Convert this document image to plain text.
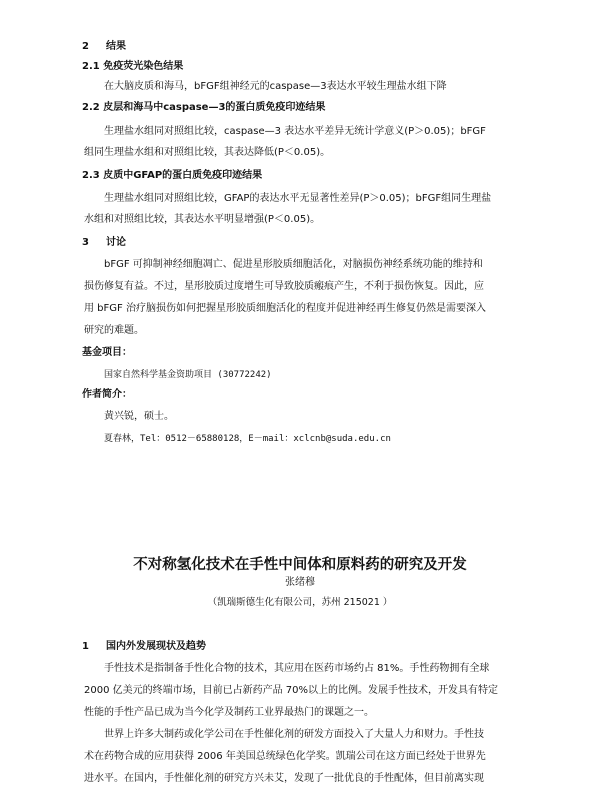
2 结果
2.1 免疫荧光染色结果
在大脑皮质和海马，bFGF组神经元的caspase—3表达水平较生理盐水组下降
2.2 皮层和海马中caspase—3的蛋白质免疫印迹结果
生理盐水组同对照组比较，caspase—3 表达水平差异无统计学意义(P＞0.05)；bFGF
组同生理盐水组和对照组比较，其表达降低(P＜0.05)。
2.3 皮质中GFAP的蛋白质免疫印迹结果
生理盐水组同对照组比较，GFAP的表达水平无显著性差异(P＞0.05)；bFGF组同生理盐
水组和对照组比较，其表达水平明显增强(P＜0.05)。
3 讨论
bFGF 可抑制神经细胞凋亡、促进星形胶质细胞活化，对脑损伤神经系统功能的维持和
损伤修复有益。不过，星形胶质过度增生可导致胶质瘢痕产生，不利于损伤恢复。因此，应
用 bFGF 治疗脑损伤如何把握星形胶质细胞活化的程度并促进神经再生修复仍然是需要深入
研究的难题。
基金项目：
国家自然科学基金资助项目 (30772242)
作者简介：
黄兴锐，硕士。
夏春林，Tel：0512－65880128，E－mail：xclcnb@suda.edu.cn
不对称氢化技术在手性中间体和原料药的研究及开发
张绪穆
（凯瑞斯德生化有限公司，苏州 215021 ）
1 国内外发展现状及趋势
手性技术是指制备手性化合物的技术，其应用在医药市场约占 81%。手性药物拥有全球
2000 亿美元的终端市场，目前已占新药产品 70%以上的比例。发展手性技术，开发具有特定
性能的手性产品已成为当今化学及制药工业界最热门的课题之一。
世界上许多大制药或化学公司在手性催化剂的研发方面投入了大量人力和财力。手性技
术在药物合成的应用获得 2006 年美国总统绿色化学奖。凯瑞公司在这方面已经处于世界先
进水平。在国内，手性催化剂的研究方兴未艾，发现了一批优良的手性配体，但目前离实现
